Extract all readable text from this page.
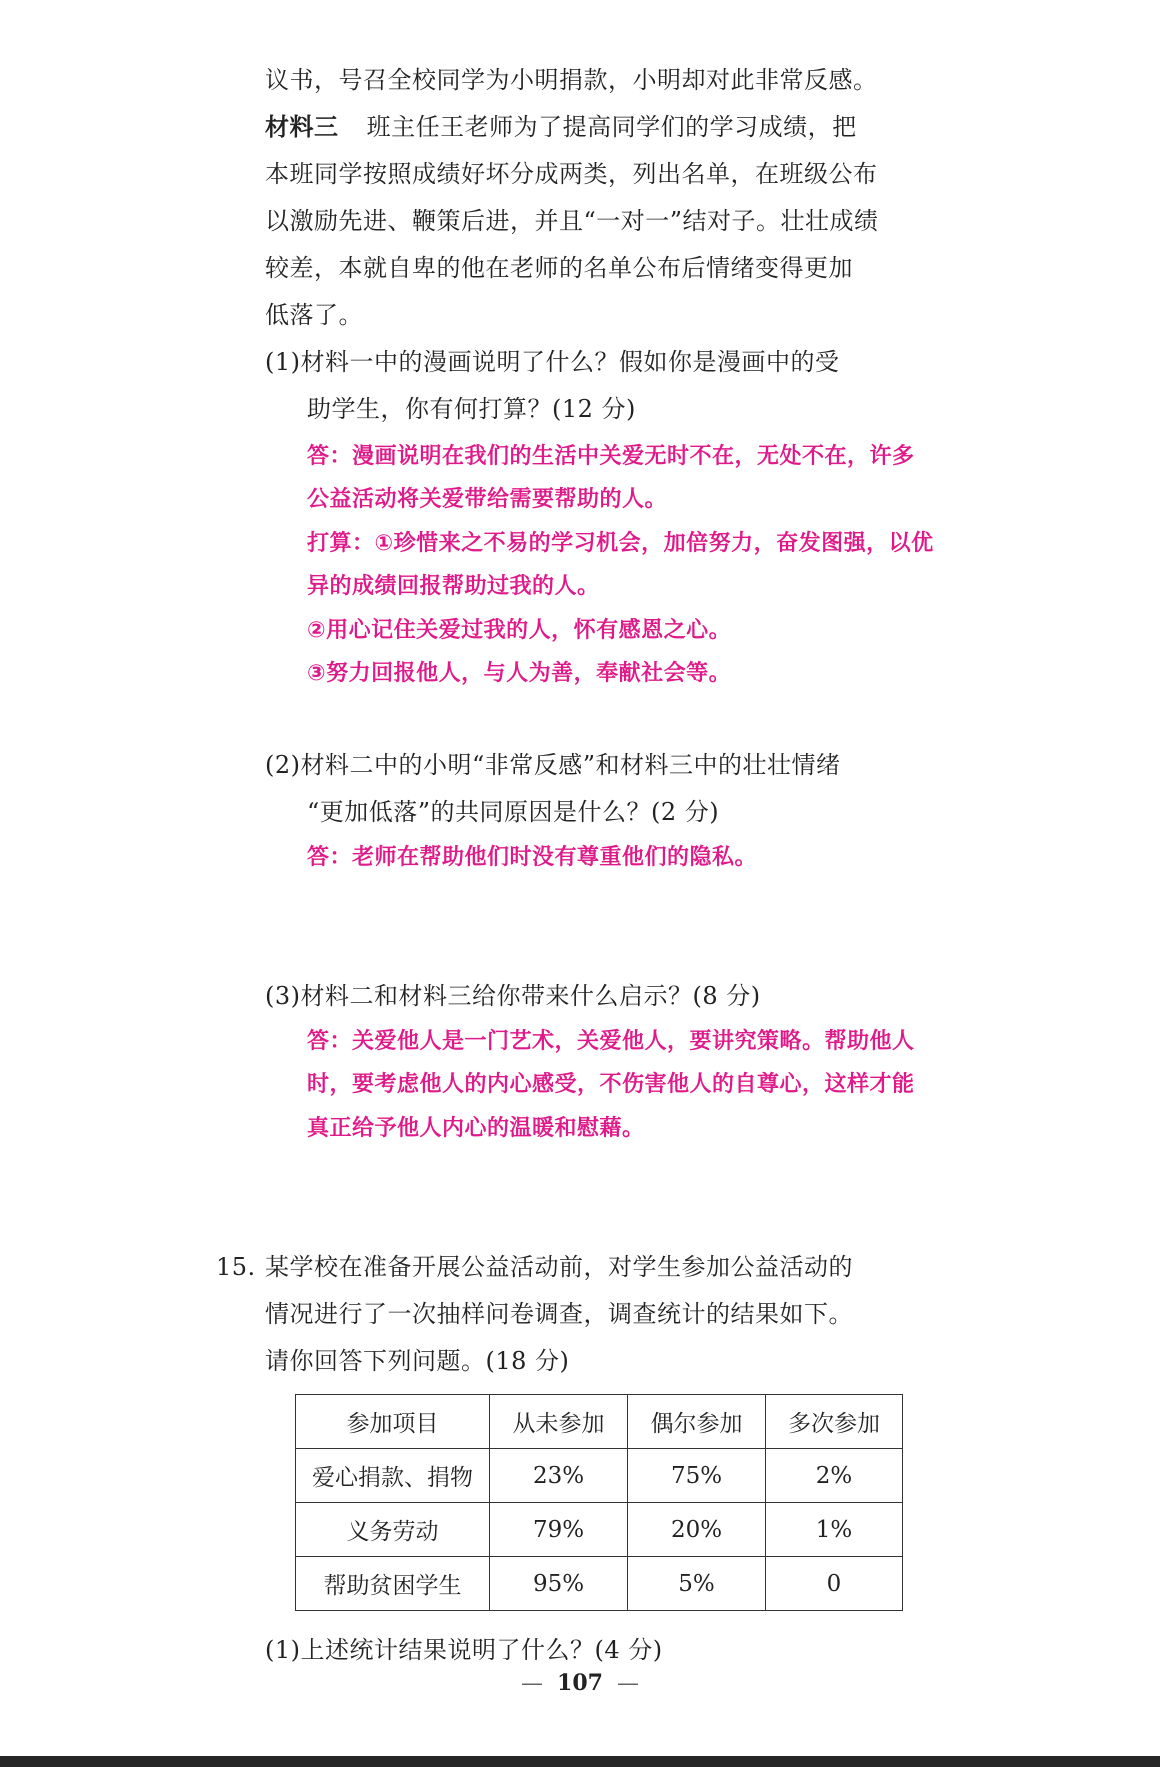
议书，号召全校同学为小明捐款，小明却对此非常反感。
材料三 班主任王老师为了提高同学们的学习成绩，把
本班同学按照成绩好坏分成两类，列出名单，在班级公布
以激励先进、鞭策后进，并且“一对一”结对子。壮壮成绩
较差，本就自卑的他在老师的名单公布后情绪变得更加
低落了。
(1)材料一中的漫画说明了什么？假如你是漫画中的受
助学生，你有何打算？(12 分)
答：漫画说明在我们的生活中关爱无时不在，无处不在，许多
公益活动将关爱带给需要帮助的人。
打算：①珍惜来之不易的学习机会，加倍努力，奋发图强，以优
异的成绩回报帮助过我的人。
②用心记住关爱过我的人，怀有感恩之心。
③努力回报他人，与人为善，奉献社会等。
(2)材料二中的小明“非常反感”和材料三中的壮壮情绪
“更加低落”的共同原因是什么？(2 分)
答：老师在帮助他们时没有尊重他们的隐私。
(3)材料二和材料三给你带来什么启示？(8 分)
答：关爱他人是一门艺术，关爱他人，要讲究策略。帮助他人
时，要考虑他人的内心感受，不伤害他人的自尊心，这样才能
真正给予他人内心的温暖和慰藉。
15. 某学校在准备开展公益活动前，对学生参加公益活动的
情况进行了一次抽样问卷调查，调查统计的结果如下。
请你回答下列问题。(18 分)
参加项目	从未参加	偶尔参加	多次参加
爱心捐款、捐物	23%	75%	2%
义务劳动	79%	20%	1%
帮助贫困学生	95%	5%	0
(1)上述统计结果说明了什么？(4 分)
— 107 —
